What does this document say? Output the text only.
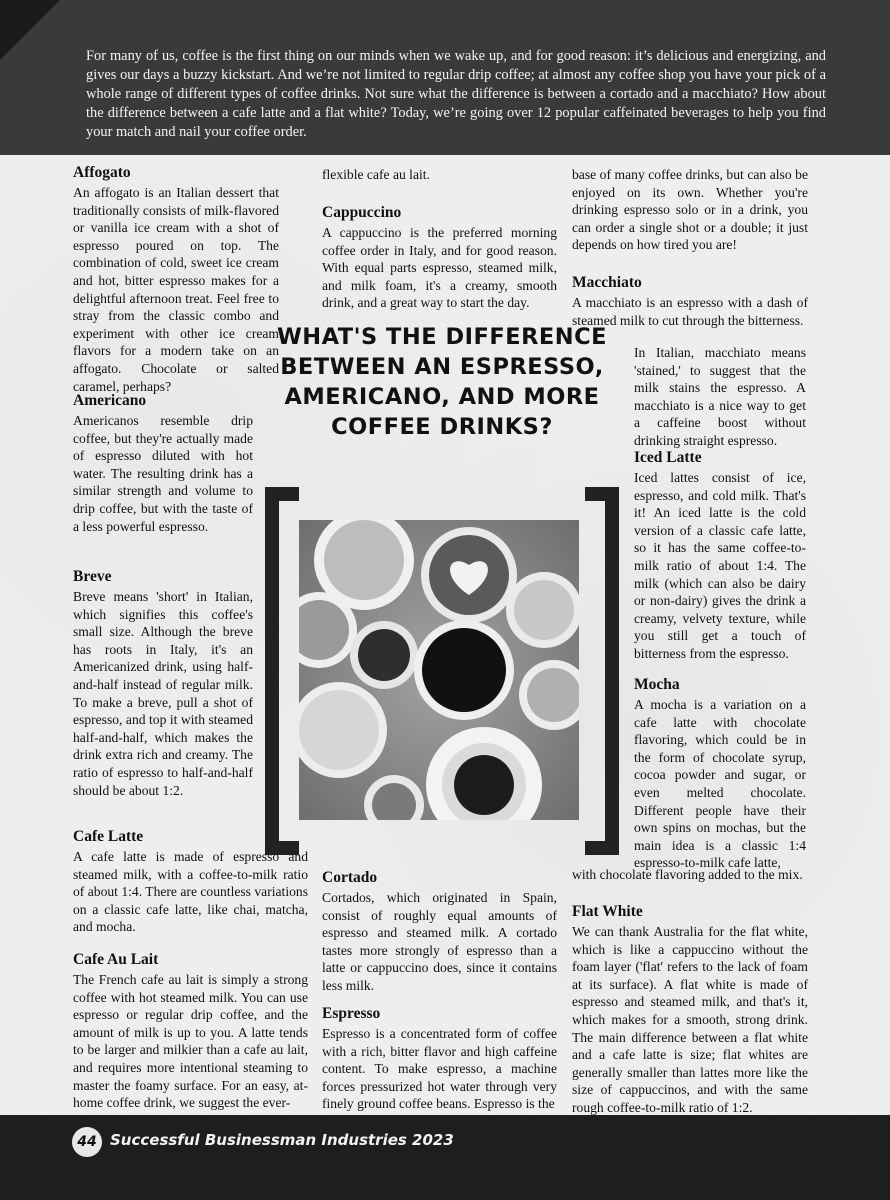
For many of us, coffee is the first thing on our minds when we wake up, and for good reason: it’s delicious and energizing, and gives our days a buzzy kickstart. And we’re not limited to regular drip coffee; at almost any coffee shop you have your pick of a whole range of different types of coffee drinks. Not sure what the difference is between a cortado and a macchiato? How about the difference between a cafe latte and a flat white? Today, we’re going over 12 popular caffeinated beverages to help you find your match and nail your coffee order.

Affogato

An affogato is an Italian dessert that traditionally consists of milk-flavored or vanilla ice cream with a shot of espresso poured on top. The combination of cold, sweet ice cream and hot, bitter espresso makes for a delightful afternoon treat. Feel free to stray from the classic combo and experiment with other ice cream flavors for a modern take on an affogato. Chocolate or salted caramel, perhaps?

Americano

Americanos resemble drip coffee, but they're actually made of espresso diluted with hot water. The resulting drink has a similar strength and volume to drip coffee, but with the taste of a less powerful espresso.

Breve

Breve means 'short' in Italian, which signifies this coffee's small size. Although the breve has roots in Italy, it's an Americanized drink, using half-and-half instead of regular milk. To make a breve, pull a shot of espresso, and top it with steamed half-and-half, which makes the drink extra rich and creamy. The ratio of espresso to half-and-half should be about 1:2.

Cafe Latte

A cafe latte is made of espresso and steamed milk, with a coffee-to-milk ratio of about 1:4. There are countless variations on a classic cafe latte, like chai, matcha, and mocha.

Cafe Au Lait

The French cafe au lait is simply a strong coffee with hot steamed milk. You can use espresso or regular drip coffee, and the amount of milk is up to you. A latte tends to be larger and milkier than a cafe au lait, and requires more intentional steaming to master the foamy surface. For an easy, at-home coffee drink, we suggest the ever-

flexible cafe au lait.

Cappuccino

A cappuccino is the preferred morning coffee order in Italy, and for good reason. With equal parts espresso, steamed milk, and milk foam, it's a creamy, smooth drink, and a great way to start the day.

WHAT'S THE DIFFERENCE BETWEEN AN ESPRESSO, AMERICANO, AND MORE COFFEE DRINKS?
Cortado

Cortados, which originated in Spain, consist of roughly equal amounts of espresso and steamed milk. A cortado tastes more strongly of espresso than a latte or cappuccino does, since it contains less milk.

Espresso

Espresso is a concentrated form of coffee with a rich, bitter flavor and high caffeine content. To make espresso, a machine forces pressurized hot water through very finely ground coffee beans. Espresso is the

base of many coffee drinks, but can also be enjoyed on its own. Whether you're drinking espresso solo or in a drink, you can order a single shot or a double; it just depends on how tired you are!

Macchiato

A macchiato is an espresso with a dash of steamed milk to cut through the bitterness.

In Italian, macchiato means 'stained,' to suggest that the milk stains the espresso. A macchiato is a nice way to get a caffeine boost without drinking straight espresso.

Iced Latte

Iced lattes consist of ice, espresso, and cold milk. That's it! An iced latte is the cold version of a classic cafe latte, so it has the same coffee-to-milk ratio of about 1:4. The milk (which can also be dairy or non-dairy) gives the drink a creamy, velvety texture, while you still get a touch of bitterness from the espresso.

Mocha

A mocha is a variation on a cafe latte with chocolate flavoring, which could be in the form of chocolate syrup, cocoa powder and sugar, or even melted chocolate. Different people have their own spins on mochas, but the main idea is a classic 1:4 espresso-to-milk cafe latte,

with chocolate flavoring added to the mix.

Flat White

We can thank Australia for the flat white, which is like a cappuccino without the foam layer ('flat' refers to the lack of foam at its surface). A flat white is made of espresso and steamed milk, and that's it, which makes for a smooth, strong drink. The main difference between a flat white and a cafe latte is size; flat whites are generally smaller than lattes more like the size of cappuccinos, and with the same rough coffee-to-milk ratio of 1:2.

44 Successful Businessman Industries 2023
